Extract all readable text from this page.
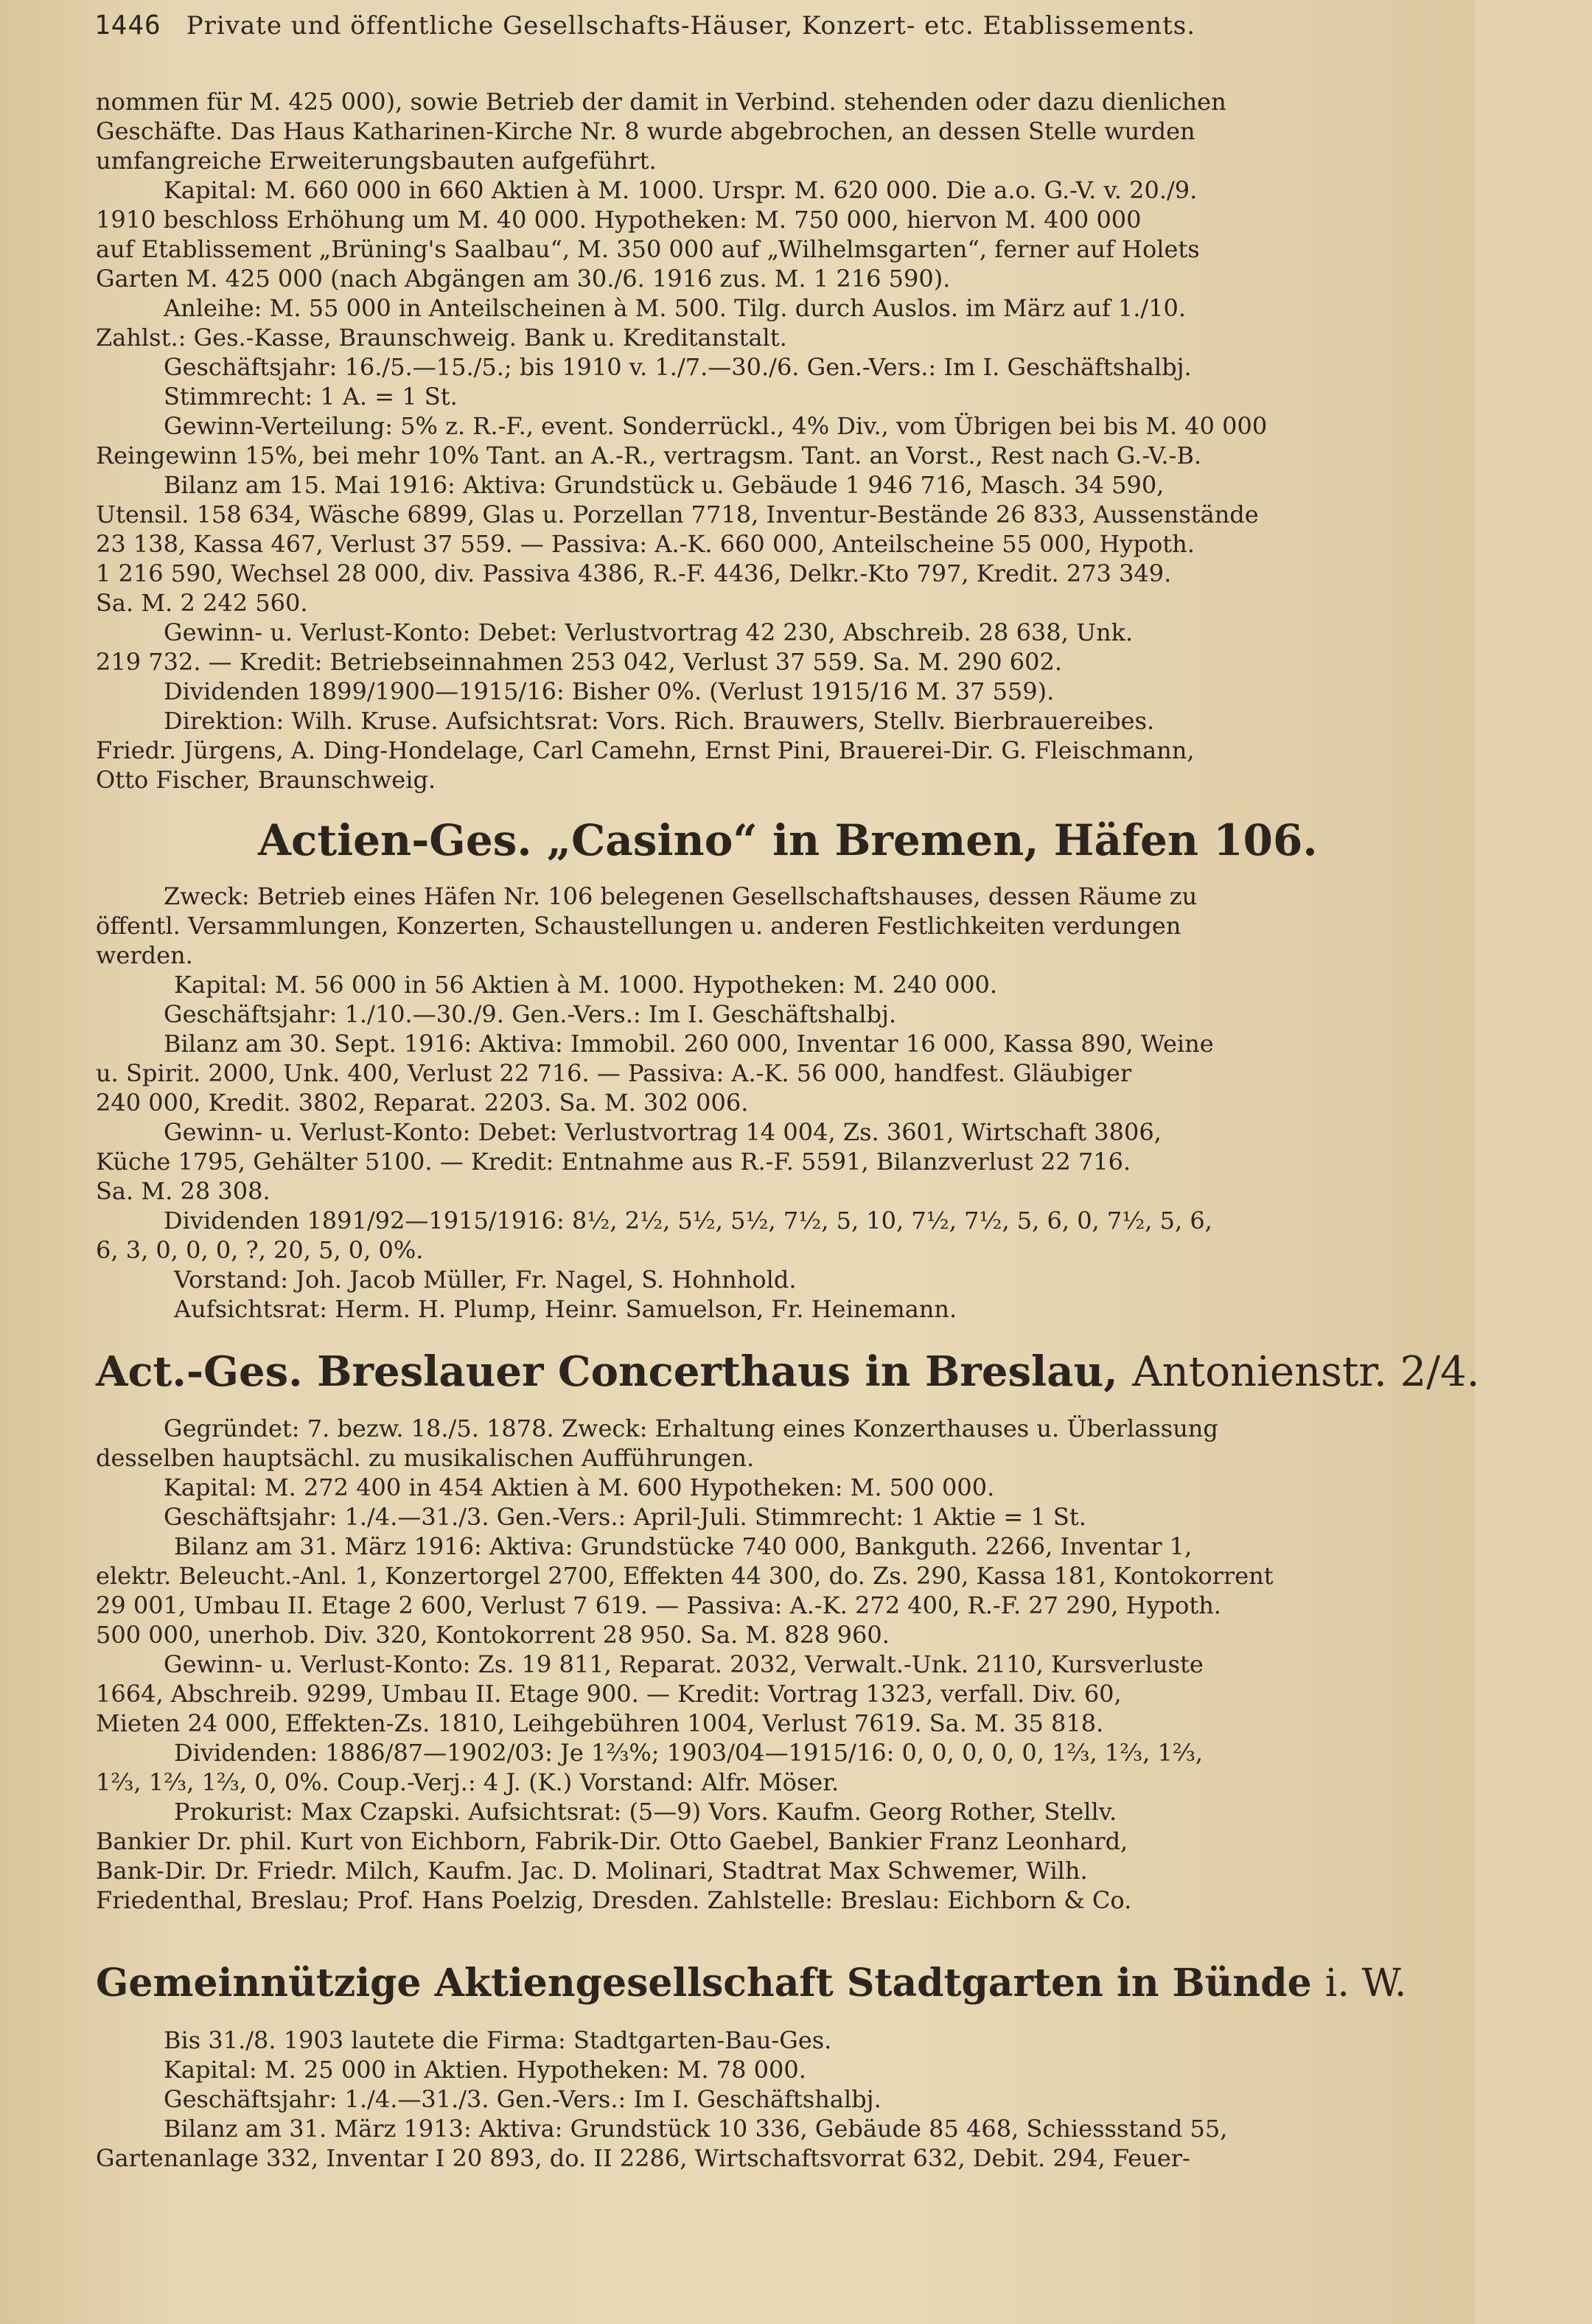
1446 Private und öffentliche Gesellschafts-Häuser, Konzert- etc. Etablissements.
nommen für M. 425 000), sowie Betrieb der damit in Verbind. stehenden oder dazu dienlichen
Geschäfte. Das Haus Katharinen-Kirche Nr. 8 wurde abgebrochen, an dessen Stelle wurden
umfangreiche Erweiterungsbauten aufgeführt.
Kapital: M. 660 000 in 660 Aktien à M. 1000. Urspr. M. 620 000. Die a.o. G.-V. v. 20./9.
1910 beschloss Erhöhung um M. 40 000. Hypotheken: M. 750 000, hiervon M. 400 000
auf Etablissement „Brüning's Saalbau“, M. 350 000 auf „Wilhelmsgarten“, ferner auf Holets
Garten M. 425 000 (nach Abgängen am 30./6. 1916 zus. M. 1 216 590).
Anleihe: M. 55 000 in Anteilscheinen à M. 500. Tilg. durch Auslos. im März auf 1./10.
Zahlst.: Ges.-Kasse, Braunschweig. Bank u. Kreditanstalt.
Geschäftsjahr: 16./5.—15./5.; bis 1910 v. 1./7.—30./6. Gen.-Vers.: Im I. Geschäftshalbj.
Stimmrecht: 1 A. = 1 St.
Gewinn-Verteilung: 5% z. R.-F., event. Sonderrückl., 4% Div., vom Übrigen bei bis M. 40 000
Reingewinn 15%, bei mehr 10% Tant. an A.-R., vertragsm. Tant. an Vorst., Rest nach G.-V.-B.
Bilanz am 15. Mai 1916: Aktiva: Grundstück u. Gebäude 1 946 716, Masch. 34 590,
Utensil. 158 634, Wäsche 6899, Glas u. Porzellan 7718, Inventur-Bestände 26 833, Aussenstände
23 138, Kassa 467, Verlust 37 559. — Passiva: A.-K. 660 000, Anteilscheine 55 000, Hypoth.
1 216 590, Wechsel 28 000, div. Passiva 4386, R.-F. 4436, Delkr.-Kto 797, Kredit. 273 349.
Sa. M. 2 242 560.
Gewinn- u. Verlust-Konto: Debet: Verlustvortrag 42 230, Abschreib. 28 638, Unk.
219 732. — Kredit: Betriebseinnahmen 253 042, Verlust 37 559. Sa. M. 290 602.
Dividenden 1899/1900—1915/16: Bisher 0%. (Verlust 1915/16 M. 37 559).
Direktion: Wilh. Kruse. Aufsichtsrat: Vors. Rich. Brauwers, Stellv. Bierbrauereibes.
Friedr. Jürgens, A. Ding-Hondelage, Carl Camehn, Ernst Pini, Brauerei-Dir. G. Fleischmann,
Otto Fischer, Braunschweig.
Actien-Ges. „Casino“ in Bremen, Häfen 106.
Zweck: Betrieb eines Häfen Nr. 106 belegenen Gesellschaftshauses, dessen Räume zu
öffentl. Versammlungen, Konzerten, Schaustellungen u. anderen Festlichkeiten verdungen
werden.
Kapital: M. 56 000 in 56 Aktien à M. 1000. Hypotheken: M. 240 000.
Geschäftsjahr: 1./10.—30./9. Gen.-Vers.: Im I. Geschäftshalbj.
Bilanz am 30. Sept. 1916: Aktiva: Immobil. 260 000, Inventar 16 000, Kassa 890, Weine
u. Spirit. 2000, Unk. 400, Verlust 22 716. — Passiva: A.-K. 56 000, handfest. Gläubiger
240 000, Kredit. 3802, Reparat. 2203. Sa. M. 302 006.
Gewinn- u. Verlust-Konto: Debet: Verlustvortrag 14 004, Zs. 3601, Wirtschaft 3806,
Küche 1795, Gehälter 5100. — Kredit: Entnahme aus R.-F. 5591, Bilanzverlust 22 716.
Sa. M. 28 308.
Dividenden 1891/92—1915/1916: 8½, 2½, 5½, 5½, 7½, 5, 10, 7½, 7½, 5, 6, 0, 7½, 5, 6,
6, 3, 0, 0, 0, ?, 20, 5, 0, 0%.
Vorstand: Joh. Jacob Müller, Fr. Nagel, S. Hohnhold.
Aufsichtsrat: Herm. H. Plump, Heinr. Samuelson, Fr. Heinemann.
Act.-Ges. Breslauer Concerthaus in Breslau, Antonienstr. 2/4.
Gegründet: 7. bezw. 18./5. 1878. Zweck: Erhaltung eines Konzerthauses u. Überlassung
desselben hauptsächl. zu musikalischen Aufführungen.
Kapital: M. 272 400 in 454 Aktien à M. 600 Hypotheken: M. 500 000.
Geschäftsjahr: 1./4.—31./3. Gen.-Vers.: April-Juli. Stimmrecht: 1 Aktie = 1 St.
Bilanz am 31. März 1916: Aktiva: Grundstücke 740 000, Bankguth. 2266, Inventar 1,
elektr. Beleucht.-Anl. 1, Konzertorgel 2700, Effekten 44 300, do. Zs. 290, Kassa 181, Kontokorrent
29 001, Umbau II. Etage 2 600, Verlust 7 619. — Passiva: A.-K. 272 400, R.-F. 27 290, Hypoth.
500 000, unerhob. Div. 320, Kontokorrent 28 950. Sa. M. 828 960.
Gewinn- u. Verlust-Konto: Zs. 19 811, Reparat. 2032, Verwalt.-Unk. 2110, Kursverluste
1664, Abschreib. 9299, Umbau II. Etage 900. — Kredit: Vortrag 1323, verfall. Div. 60,
Mieten 24 000, Effekten-Zs. 1810, Leihgebühren 1004, Verlust 7619. Sa. M. 35 818.
Dividenden: 1886/87—1902/03: Je 1⅔%; 1903/04—1915/16: 0, 0, 0, 0, 0, 1⅔, 1⅔, 1⅔,
1⅔, 1⅔, 1⅔, 0, 0%. Coup.-Verj.: 4 J. (K.) Vorstand: Alfr. Möser.
Prokurist: Max Czapski. Aufsichtsrat: (5—9) Vors. Kaufm. Georg Rother, Stellv.
Bankier Dr. phil. Kurt von Eichborn, Fabrik-Dir. Otto Gaebel, Bankier Franz Leonhard,
Bank-Dir. Dr. Friedr. Milch, Kaufm. Jac. D. Molinari, Stadtrat Max Schwemer, Wilh.
Friedenthal, Breslau; Prof. Hans Poelzig, Dresden. Zahlstelle: Breslau: Eichborn & Co.
Gemeinnützige Aktiengesellschaft Stadtgarten in Bünde i. W.
Bis 31./8. 1903 lautete die Firma: Stadtgarten-Bau-Ges.
Kapital: M. 25 000 in Aktien. Hypotheken: M. 78 000.
Geschäftsjahr: 1./4.—31./3. Gen.-Vers.: Im I. Geschäftshalbj.
Bilanz am 31. März 1913: Aktiva: Grundstück 10 336, Gebäude 85 468, Schiessstand 55,
Gartenanlage 332, Inventar I 20 893, do. II 2286, Wirtschaftsvorrat 632, Debit. 294, Feuer-
